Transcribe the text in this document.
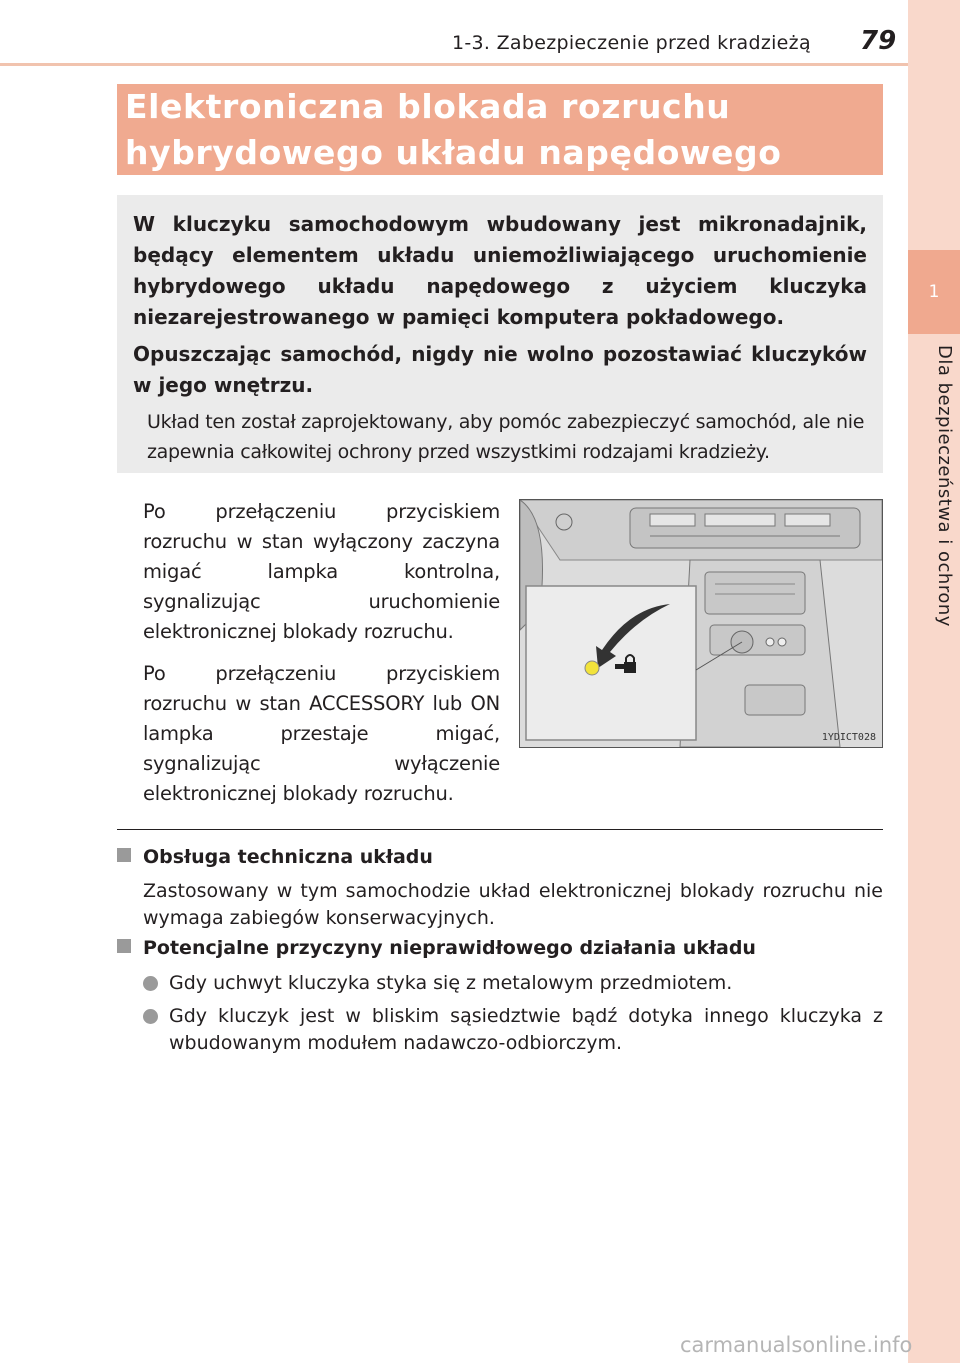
1-3. Zabezpieczenie przed kradzieżą 79
1
Dla bezpieczeństwa i ochrony
Elektroniczna blokada rozruchu
hybrydowego układu napędowego

W kluczyku samochodowym wbudowany jest mikronadajnik, będący elementem układu uniemożliwiającego uruchomienie hybrydowego układu napędowego z użyciem kluczyka niezarejestrowanego w pamięci komputera pokładowego.

Opuszczając samochód, nigdy nie wolno pozostawiać kluczyków w jego wnętrzu.

Układ ten został zaprojektowany, aby pomóc zabezpieczyć samochód, ale nie zapewnia całkowitej ochrony przed wszystkimi rodzajami kradzieży.

Po przełączeniu przyciskiem rozruchu w stan wyłączony zaczyna migać lampka kontrolna, sygnalizując uruchomienie elektronicznej blokady rozruchu.

Po przełączeniu przyciskiem rozruchu w stan ACCESSORY lub ON lampka przestaje migać, sygnalizując wyłączenie elektronicznej blokady rozruchu.

1YDICT028
Obsługa techniczna układu
Zastosowany w tym samochodzie układ elektronicznej blokady rozruchu nie wymaga zabiegów konserwacyjnych.
Potencjalne przyczyny nieprawidłowego działania układu
Gdy uchwyt kluczyka styka się z metalowym przedmiotem.
Gdy kluczyk jest w bliskim sąsiedztwie bądź dotyka innego kluczyka z wbudowanym modułem nadawczo-odbiorczym.
carmanualsonline.info
